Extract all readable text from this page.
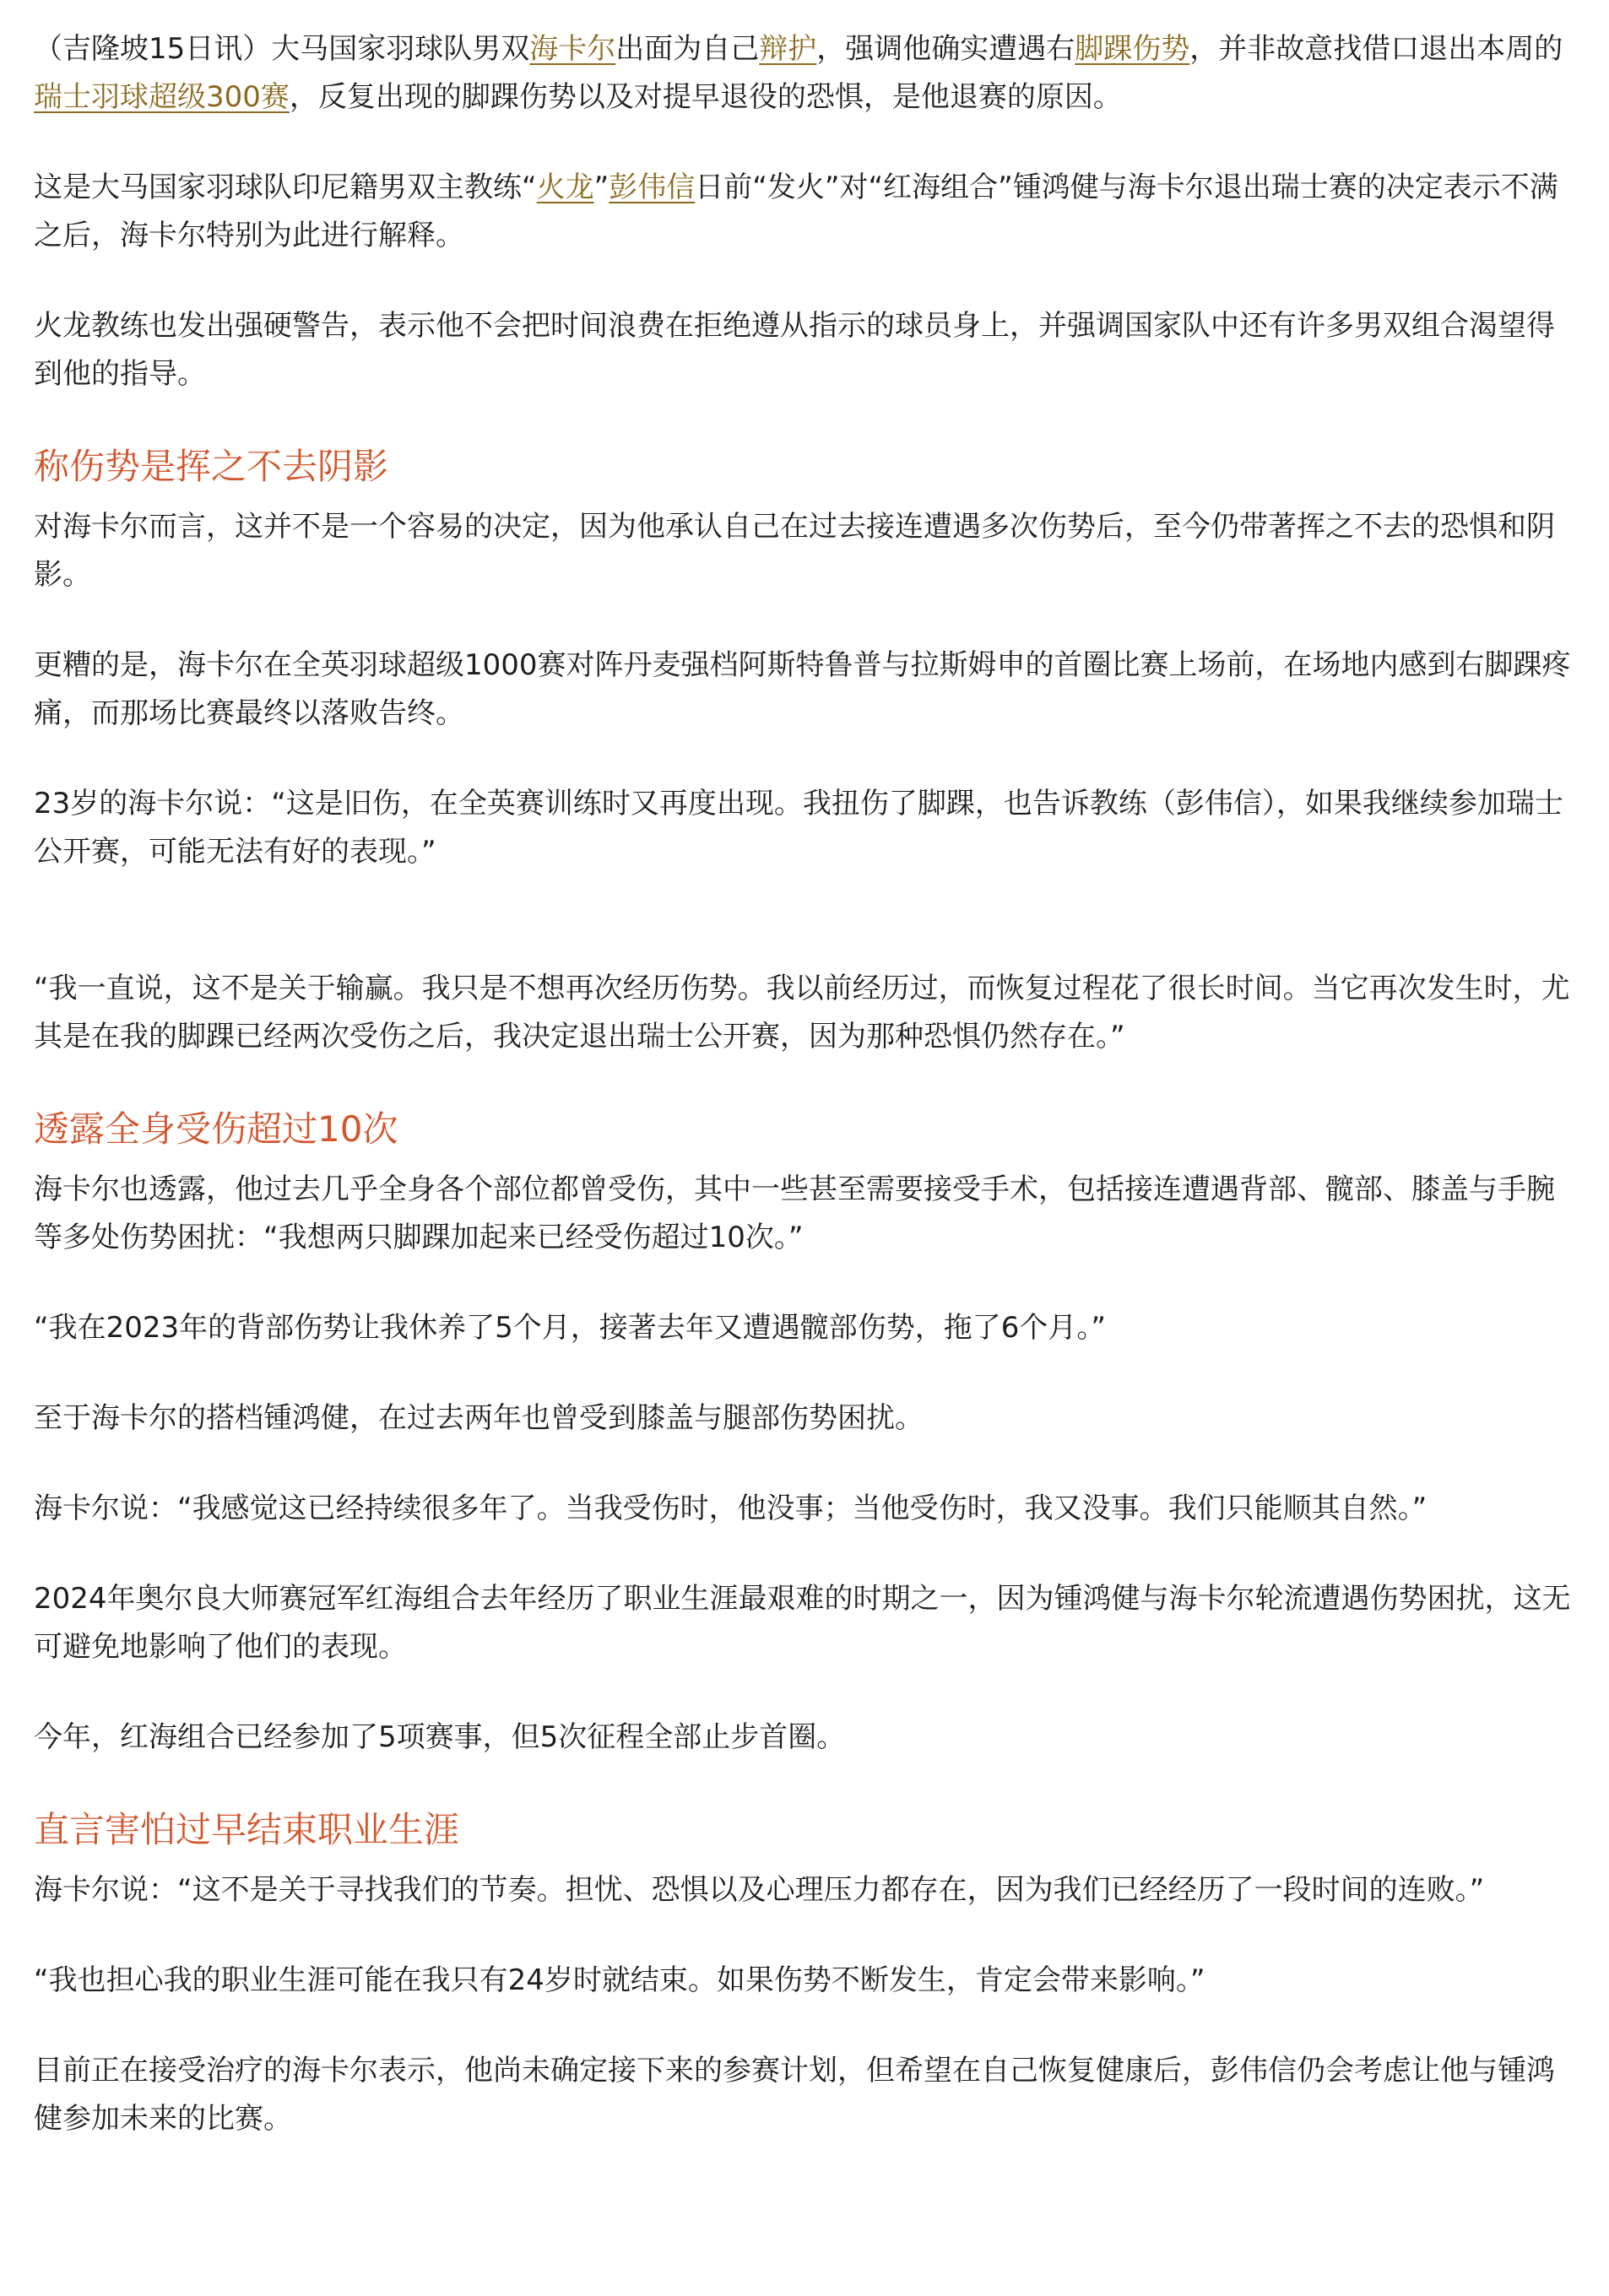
（吉隆坡15日讯）大马国家羽球队男双海卡尔出面为自己辩护，强调他确实遭遇右脚踝伤势，并非故意找借口退出本周的瑞士羽球超级300赛，反复出现的脚踝伤势以及对提早退役的恐惧，是他退赛的原因。

这是大马国家羽球队印尼籍男双主教练“火龙”彭伟信日前“发火”对“红海组合”锺鸿健与海卡尔退出瑞士赛的决定表示不满之后，海卡尔特别为此进行解释。

火龙教练也发出强硬警告，表示他不会把时间浪费在拒绝遵从指示的球员身上，并强调国家队中还有许多男双组合渴望得到他的指导。

称伤势是挥之不去阴影

对海卡尔而言，这并不是一个容易的决定，因为他承认自己在过去接连遭遇多次伤势后，至今仍带著挥之不去的恐惧和阴影。

更糟的是，海卡尔在全英羽球超级1000赛对阵丹麦强档阿斯特鲁普与拉斯姆申的首圈比赛上场前，在场地内感到右脚踝疼痛，而那场比赛最终以落败告终。

23岁的海卡尔说：“这是旧伤，在全英赛训练时又再度出现。我扭伤了脚踝，也告诉教练（彭伟信），如果我继续参加瑞士公开赛，可能无法有好的表现。”

“我一直说，这不是关于输赢。我只是不想再次经历伤势。我以前经历过，而恢复过程花了很长时间。当它再次发生时，尤其是在我的脚踝已经两次受伤之后，我决定退出瑞士公开赛，因为那种恐惧仍然存在。”

透露全身受伤超过10次

海卡尔也透露，他过去几乎全身各个部位都曾受伤，其中一些甚至需要接受手术，包括接连遭遇背部、髋部、膝盖与手腕等多处伤势困扰：“我想两只脚踝加起来已经受伤超过10次。”

“我在2023年的背部伤势让我休养了5个月，接著去年又遭遇髋部伤势，拖了6个月。”

至于海卡尔的搭档锺鸿健，在过去两年也曾受到膝盖与腿部伤势困扰。

海卡尔说：“我感觉这已经持续很多年了。当我受伤时，他没事；当他受伤时，我又没事。我们只能顺其自然。”

2024年奥尔良大师赛冠军红海组合去年经历了职业生涯最艰难的时期之一，因为锺鸿健与海卡尔轮流遭遇伤势困扰，这无可避免地影响了他们的表现。

今年，红海组合已经参加了5项赛事，但5次征程全部止步首圈。

直言害怕过早结束职业生涯

海卡尔说：“这不是关于寻找我们的节奏。担忧、恐惧以及心理压力都存在，因为我们已经经历了一段时间的连败。”

“我也担心我的职业生涯可能在我只有24岁时就结束。如果伤势不断发生，肯定会带来影响。”

目前正在接受治疗的海卡尔表示，他尚未确定接下来的参赛计划，但希望在自己恢复健康后，彭伟信仍会考虑让他与锺鸿健参加未来的比赛。
